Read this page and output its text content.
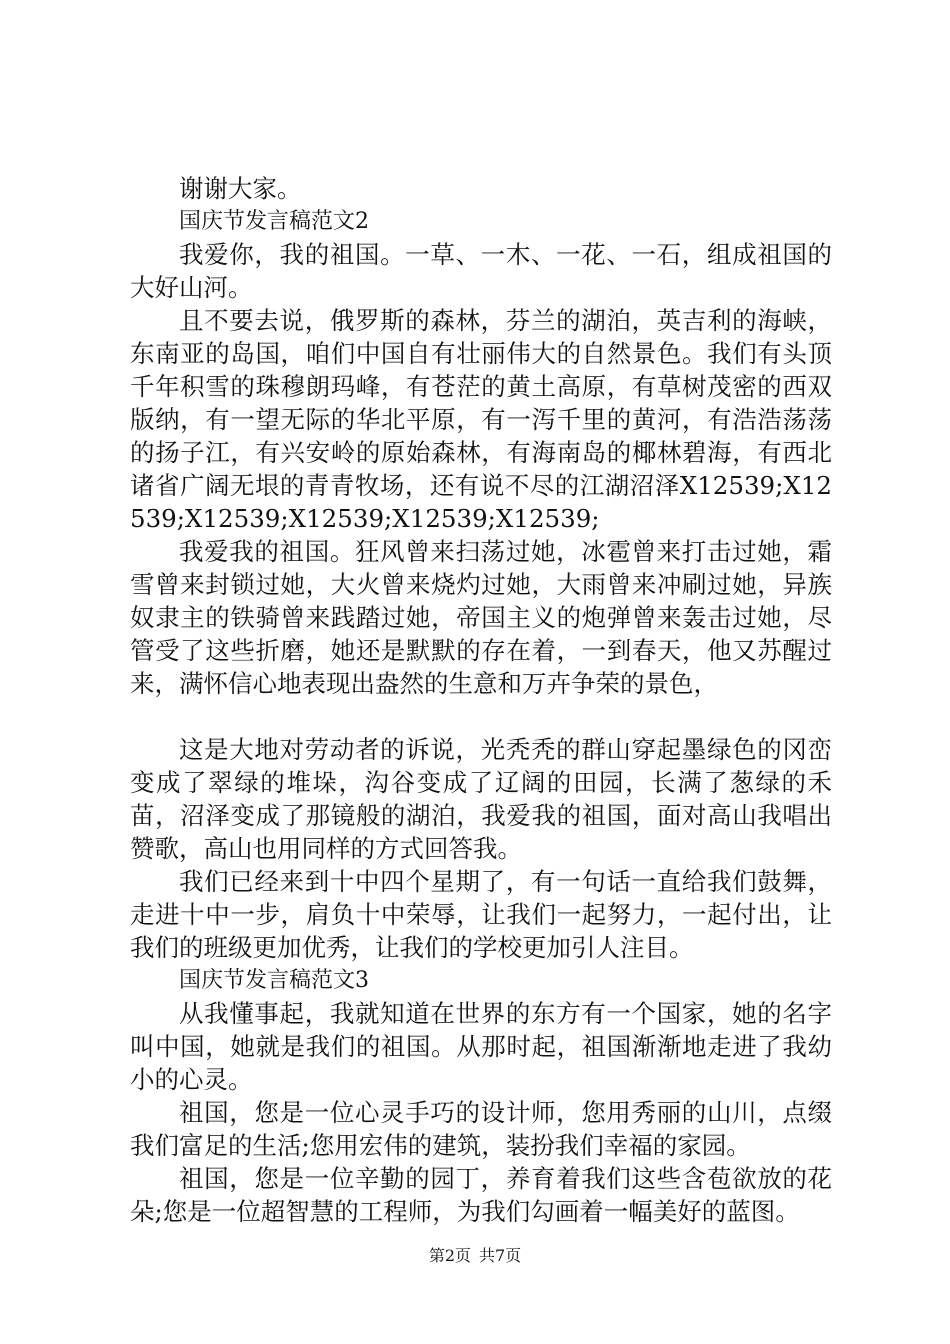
谢谢大家。

国庆节发言稿范文2

我爱你，我的祖国。一草、一木、一花、一石，组成祖国的大好山河。

且不要去说，俄罗斯的森林，芬兰的湖泊，英吉利的海峡，东南亚的岛国，咱们中国自有壮丽伟大的自然景色。我们有头顶千年积雪的珠穆朗玛峰，有苍茫的黄土高原，有草树茂密的西双版纳，有一望无际的华北平原，有一泻千里的黄河，有浩浩荡荡的扬子江，有兴安岭的原始森林，有海南岛的椰林碧海，有西北诸省广阔无垠的青青牧场，还有说不尽的江湖沼泽X12539;X12539;X12539;X12539;X12539;X12539;

我爱我的祖国。狂风曾来扫荡过她，冰雹曾来打击过她，霜雪曾来封锁过她，大火曾来烧灼过她，大雨曾来冲刷过她，异族奴隶主的铁骑曾来践踏过她，帝国主义的炮弹曾来轰击过她，尽管受了这些折磨，她还是默默的存在着，一到春天，他又苏醒过来，满怀信心地表现出盎然的生意和万卉争荣的景色，

这是大地对劳动者的诉说，光秃秃的群山穿起墨绿色的冈峦变成了翠绿的堆垛，沟谷变成了辽阔的田园，长满了葱绿的禾苗，沼泽变成了那镜般的湖泊，我爱我的祖国，面对高山我唱出赞歌，高山也用同样的方式回答我。

我们已经来到十中四个星期了，有一句话一直给我们鼓舞，走进十中一步，肩负十中荣辱，让我们一起努力，一起付出，让我们的班级更加优秀，让我们的学校更加引人注目。

国庆节发言稿范文3

从我懂事起，我就知道在世界的东方有一个国家，她的名字叫中国，她就是我们的祖国。从那时起，祖国渐渐地走进了我幼小的心灵。

祖国，您是一位心灵手巧的设计师，您用秀丽的山川，点缀我们富足的生活;您用宏伟的建筑，装扮我们幸福的家园。

祖国，您是一位辛勤的园丁，养育着我们这些含苞欲放的花朵;您是一位超智慧的工程师，为我们勾画着一幅美好的蓝图。

第2页 共7页
